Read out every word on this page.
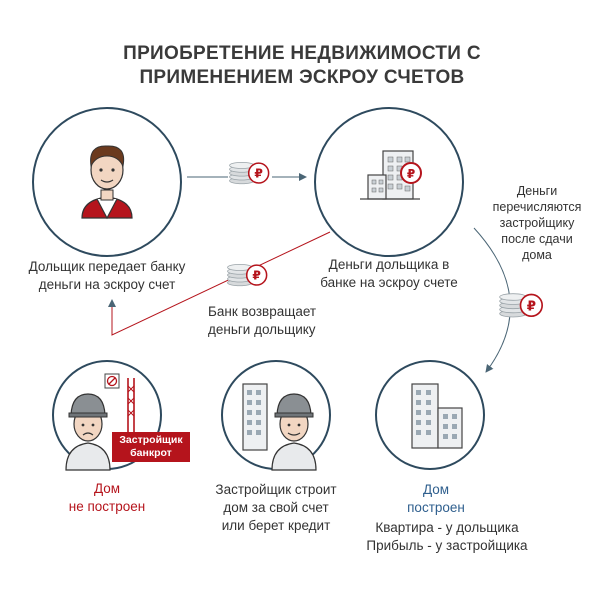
₽
ПРИОБРЕТЕНИЕ НЕДВИЖИМОСТИ С
ПРИМЕНЕНИЕМ ЭСКРОУ СЧЕТОВ
Дольщик передает банку
деньги на эскроу счет
Деньги дольщика в
банке на эскроу счете
Банк возвращает
деньги дольщику
Деньги
перечисляются
застройщику
после сдачи
дома
Застройщик
банкрот
Дом
не построен
Застройщик строит
дом за свой счет
или берет кредит
Дом
построен
Квартира - у дольщика
Прибыль - у застройщика
